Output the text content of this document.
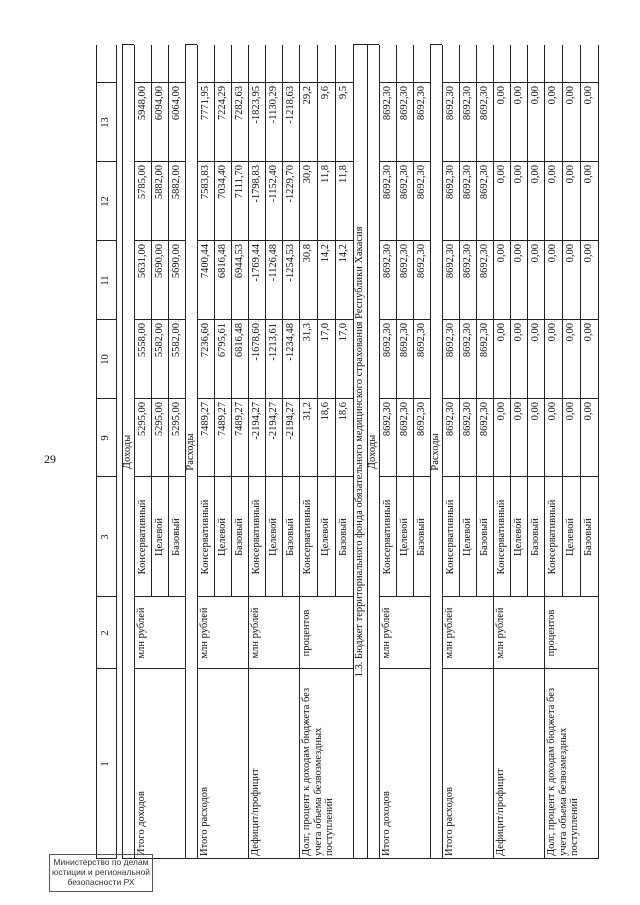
29
1
2
3
9
10
11
12
13
Доходы
Консервативный
5295,00
5558,00
5631,00
5785,00
5948,00
Целевой
5295,00
5582,00
5690,00
5882,00
6094,00
Базовый
5295,00
5582,00
5690,00
5882,00
6064,00
Итого доходов
млн рублей
Расходы
Консервативный
7489,27
7236,60
7400,44
7583,83
7771,95
Целевой
7489,27
6795,61
6816,48
7034,40
7224,29
Базовый
7489,27
6816,48
6944,53
7111,70
7282,63
Итого расходов
млн рублей
Консервативный
-2194,27
-1678,60
-1769,44
-1798,83
-1823,95
Целевой
-2194,27
-1213,61
-1126,48
-1152,40
-1130,29
Базовый
-2194,27
-1234,48
-1254,53
-1229,70
-1218,63
Дефицит/профицит
млн рублей
Консервативный
31,2
31,3
30,8
30,0
29,2
Целевой
18,6
17,0
14,2
11,8
9,6
Базовый
18,6
17,0
14,2
11,8
9,5
Долг, процент к доходам бюджета без учета объема безвозмездных поступлений
процентов	1.3. Бюджет территориального фонда обязательного медицинского страхования Республики Хакасия Доходы
Консервативный
8692,30
8692,30
8692,30
8692,30
8692,30
Целевой
8692,30
8692,30
8692,30
8692,30
8692,30
Базовый
8692,30
8692,30
8692,30
8692,30
8692,30
Итого доходов
млн рублей
Расходы
Консервативный
8692,30
8692,30
8692,30
8692,30
8692,30
Целевой
8692,30
8692,30
8692,30
8692,30
8692,30
Базовый
8692,30
8692,30
8692,30
8692,30
8692,30
Итого расходов
млн рублей
Консервативный
0,00
0,00
0,00
0,00
0,00
Целевой
0,00
0,00
0,00
0,00
0,00
Базовый
0,00
0,00
0,00
0,00
0,00
Дефицит/профицит
млн рублей
Консервативный
0,00
0,00
0,00
0,00
0,00
Целевой
0,00
0,00
0,00
0,00
0,00
Базовый
0,00
0,00
0,00
0,00
0,00
Долг, процент к доходам бюджета без учета объема безвозмездных поступлений
процентов
Министерство по делам
юстиции и региональной
безопасности РХ
